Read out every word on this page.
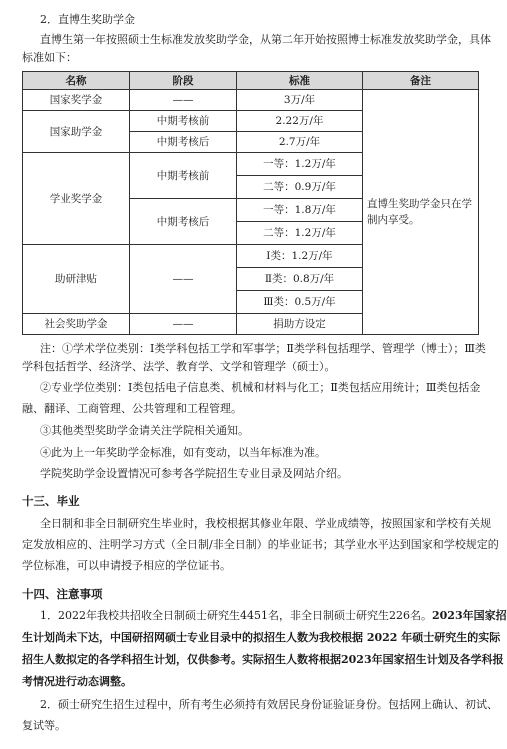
2．直博生奖助学金
直博生第一年按照硕士生标准发放奖助学金，从第二年开始按照博士标准发放奖助学金，具体
标准如下：
名称	阶段	标准	备注
国家奖学金	——	3万/年	直博生奖助学金只在学制内享受。
国家助学金	中期考核前	2.22万/年	
	中期考核后	2.7万/年	
学业奖学金	中期考核前	一等：1.2万/年	
		二等：0.9万/年	
	中期考核后	一等：1.8万/年	
		二等：1.2万/年	
助研津贴	——	Ⅰ类：1.2万/年	
		Ⅱ类：0.8万/年	
		Ⅲ类：0.5万/年	
社会奖助学金	——	捐助方设定	
注：①学术学位类别：Ⅰ类学科包括工学和军事学；Ⅱ类学科包括理学、管理学（博士）；Ⅲ类
学科包括哲学、经济学、法学、教育学、文学和管理学（硕士）。
②专业学位类别：Ⅰ类包括电子信息类、机械和材料与化工；Ⅱ类包括应用统计；Ⅲ类包括金
融、翻译、工商管理、公共管理和工程管理。
③其他类型奖助学金请关注学院相关通知。
④此为上一年奖助学金标准，如有变动，以当年标准为准。
学院奖助学金设置情况可参考各学院招生专业目录及网站介绍。
十三、毕业
全日制和非全日制研究生毕业时，我校根据其修业年限、学业成绩等，按照国家和学校有关规
定发放相应的、注明学习方式（全日制/非全日制）的毕业证书；其学业水平达到国家和学校规定的
学位标准，可以申请授予相应的学位证书。
十四、注意事项
1．2022年我校共招收全日制硕士研究生4451名，非全日制硕士研究生226名。2023年国家招
生计划尚未下达，中国研招网硕士专业目录中的拟招生人数为我校根据 2022 年硕士研究生的实际
招生人数拟定的各学科招生计划，仅供参考。实际招生人数将根据2023年国家招生计划及各学科报
考情况进行动态调整。
2．硕士研究生招生过程中，所有考生必须持有效居民身份证验证身份。包括网上确认、初试、
复试等。
